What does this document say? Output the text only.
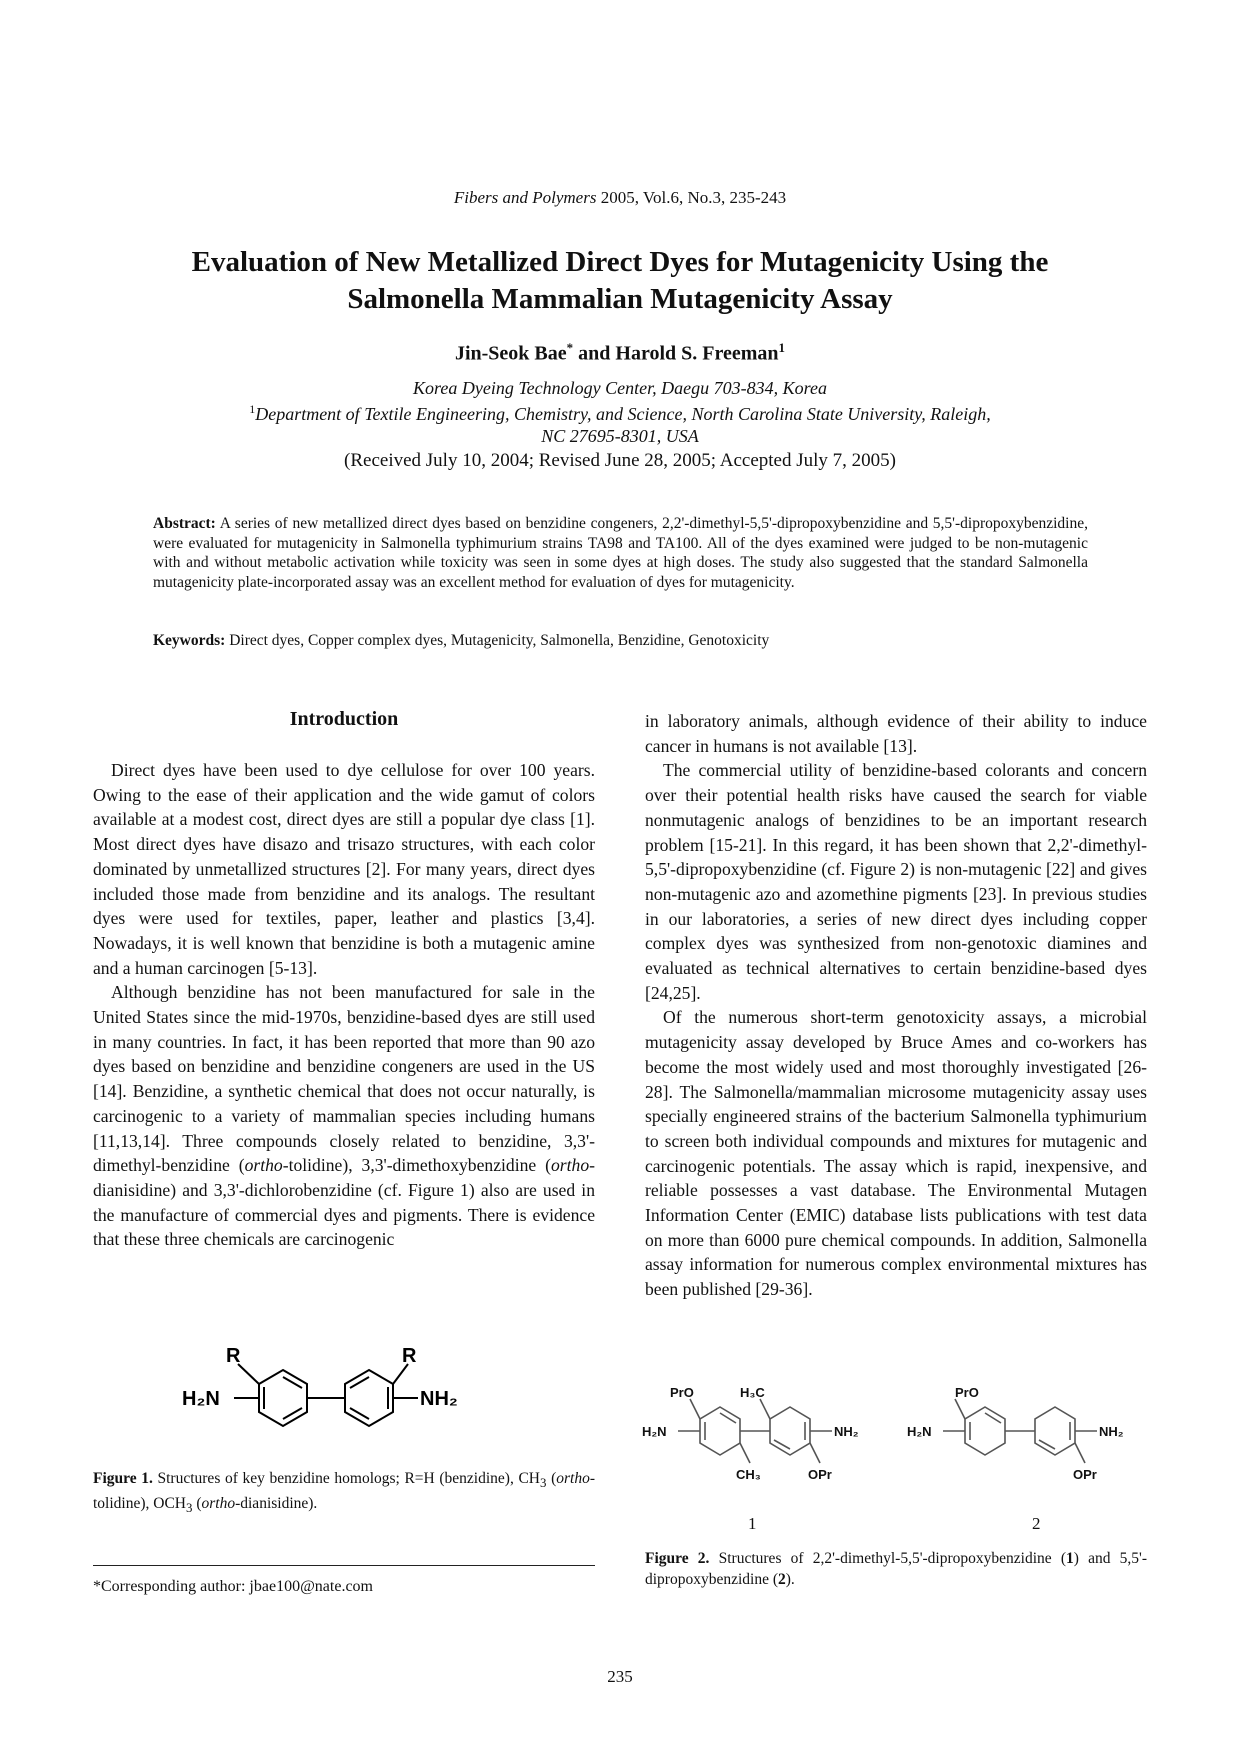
Fibers and Polymers 2005, Vol.6, No.3, 235-243
Evaluation of New Metallized Direct Dyes for Mutagenicity Using the
Salmonella Mammalian Mutagenicity Assay
Jin-Seok Bae* and Harold S. Freeman$^1$
Korea Dyeing Technology Center, Daegu 703-834, Korea
$^1$Department of Textile Engineering, Chemistry, and Science, North Carolina State University, Raleigh,
NC 27695-8301, USA
(Received July 10, 2004; Revised June 28, 2005; Accepted July 7, 2005)
Abstract: A series of new metallized direct dyes based on benzidine congeners, 2,2'-dimethyl-5,5'-dipropoxybenzidine and 5,5'-dipropoxybenzidine, were evaluated for mutagenicity in Salmonella typhimurium strains TA98 and TA100. All of the dyes examined were judged to be non-mutagenic with and without metabolic activation while toxicity was seen in some dyes at high doses. The study also suggested that the standard Salmonella mutagenicity plate-incorporated assay was an excellent method for evaluation of dyes for mutagenicity.
Keywords: Direct dyes, Copper complex dyes, Mutagenicity, Salmonella, Benzidine, Genotoxicity
Introduction

Direct dyes have been used to dye cellulose for over 100 years. Owing to the ease of their application and the wide gamut of colors available at a modest cost, direct dyes are still a popular dye class [1]. Most direct dyes have disazo and trisazo structures, with each color dominated by unmetallized structures [2]. For many years, direct dyes included those made from benzidine and its analogs. The resultant dyes were used for textiles, paper, leather and plastics [3,4]. Nowadays, it is well known that benzidine is both a mutagenic amine and a human carcinogen [5-13].

Although benzidine has not been manufactured for sale in the United States since the mid-1970s, benzidine-based dyes are still used in many countries. In fact, it has been reported that more than 90 azo dyes based on benzidine and benzidine congeners are used in the US [14]. Benzidine, a synthetic chemical that does not occur naturally, is carcinogenic to a variety of mammalian species including humans [11,13,14]. Three compounds closely related to benzidine, 3,3'-dimethyl-benzidine (ortho-tolidine), 3,3'-dimethoxybenzidine (ortho-dianisidine) and 3,3'-dichlorobenzidine (cf. Figure 1) also are used in the manufacture of commercial dyes and pigments. There is evidence that these three chemicals are carcinogenic

in laboratory animals, although evidence of their ability to induce cancer in humans is not available [13].

The commercial utility of benzidine-based colorants and concern over their potential health risks have caused the search for viable nonmutagenic analogs of benzidines to be an important research problem [15-21]. In this regard, it has been shown that 2,2'-dimethyl-5,5'-dipropoxybenzidine (cf. Figure 2) is non-mutagenic [22] and gives non-mutagenic azo and azomethine pigments [23]. In previous studies in our laboratories, a series of new direct dyes including copper complex dyes was synthesized from non-genotoxic diamines and evaluated as technical alternatives to certain benzidine-based dyes [24,25].

Of the numerous short-term genotoxicity assays, a microbial mutagenicity assay developed by Bruce Ames and co-workers has become the most widely used and most thoroughly investigated [26-28]. The Salmonella/mammalian microsome mutagenicity assay uses specially engineered strains of the bacterium Salmonella typhimurium to screen both individual compounds and mixtures for mutagenic and carcinogenic potentials. The assay which is rapid, inexpensive, and reliable possesses a vast database. The Environmental Mutagen Information Center (EMIC) database lists publications with test data on more than 6000 pure chemical compounds. In addition, Salmonella assay information for numerous complex environmental mixtures has been published [29-36].

R	R
H₂N	NH₂
Figure 1. Structures of key benzidine homologs; R=H (benzidine), $CH_3$ (ortho-tolidine), $OCH_3$ (ortho-dianisidine).
PrO	H₃C
H₂N	NH₂
CH₃	OPr
PrO
H₂N	NH₂
OPr
1	2
Figure 2. Structures of 2,2'-dimethyl-5,5'-dipropoxybenzidine (1) and 5,5'-dipropoxybenzidine (2).
*Corresponding author: jbae100@nate.com
235
